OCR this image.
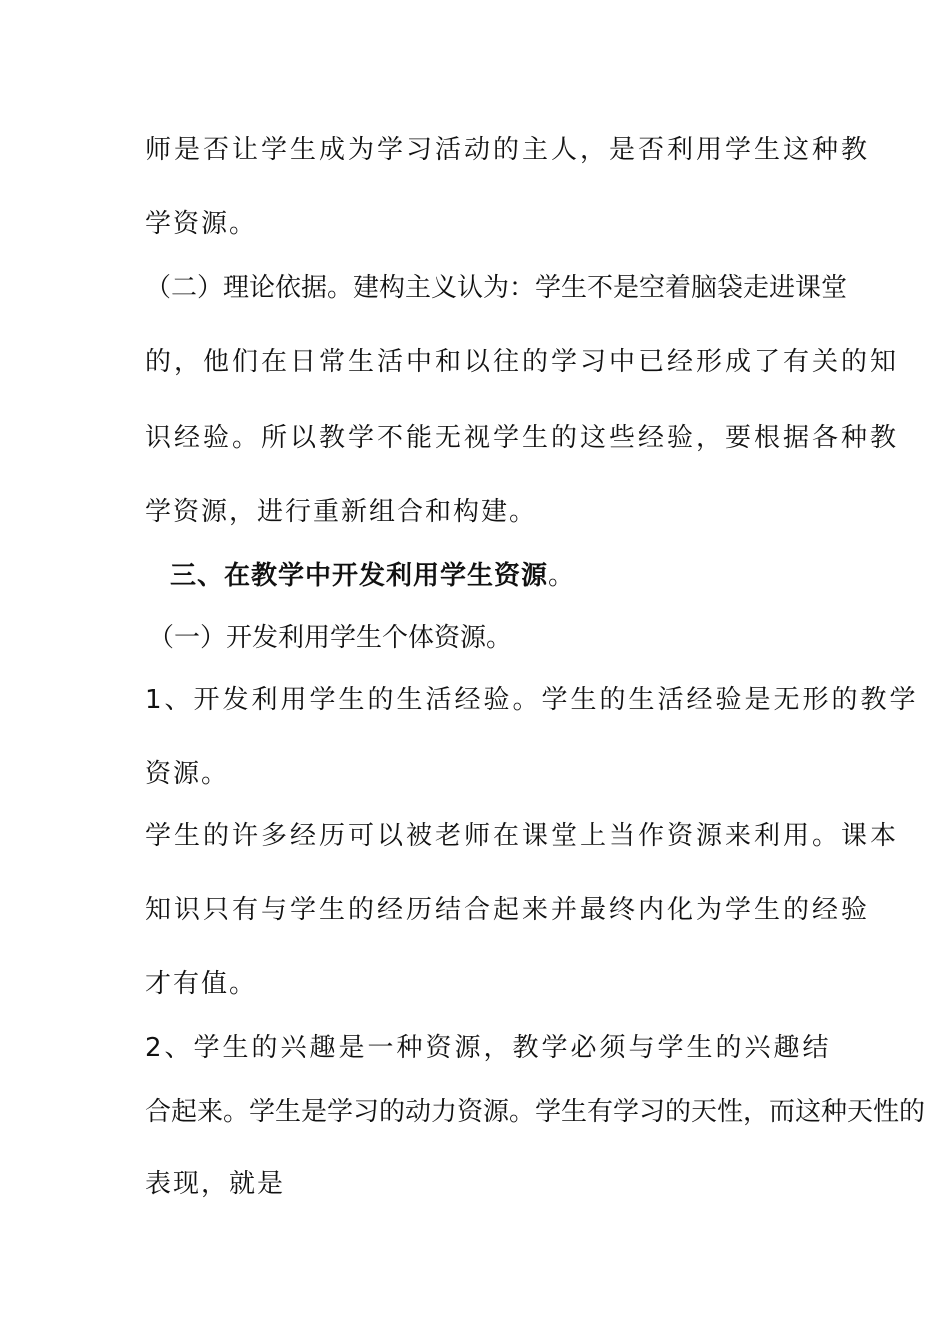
师是否让学生成为学习活动的主人，是否利用学生这种教
学资源。
（二）理论依据。建构主义认为：学生不是空着脑袋走进课堂
的，他们在日常生活中和以往的学习中已经形成了有关的知
识经验。所以教学不能无视学生的这些经验，要根据各种教
学资源，进行重新组合和构建。
三、在教学中开发利用学生资源。
（一）开发利用学生个体资源。
1、开发利用学生的生活经验。学生的生活经验是无形的教学
资源。
学生的许多经历可以被老师在课堂上当作资源来利用。课本
知识只有与学生的经历结合起来并最终内化为学生的经验
才有值。
2、学生的兴趣是一种资源，教学必须与学生的兴趣结
合起来。学生是学习的动力资源。学生有学习的天性，而这种天性的
表现，就是
